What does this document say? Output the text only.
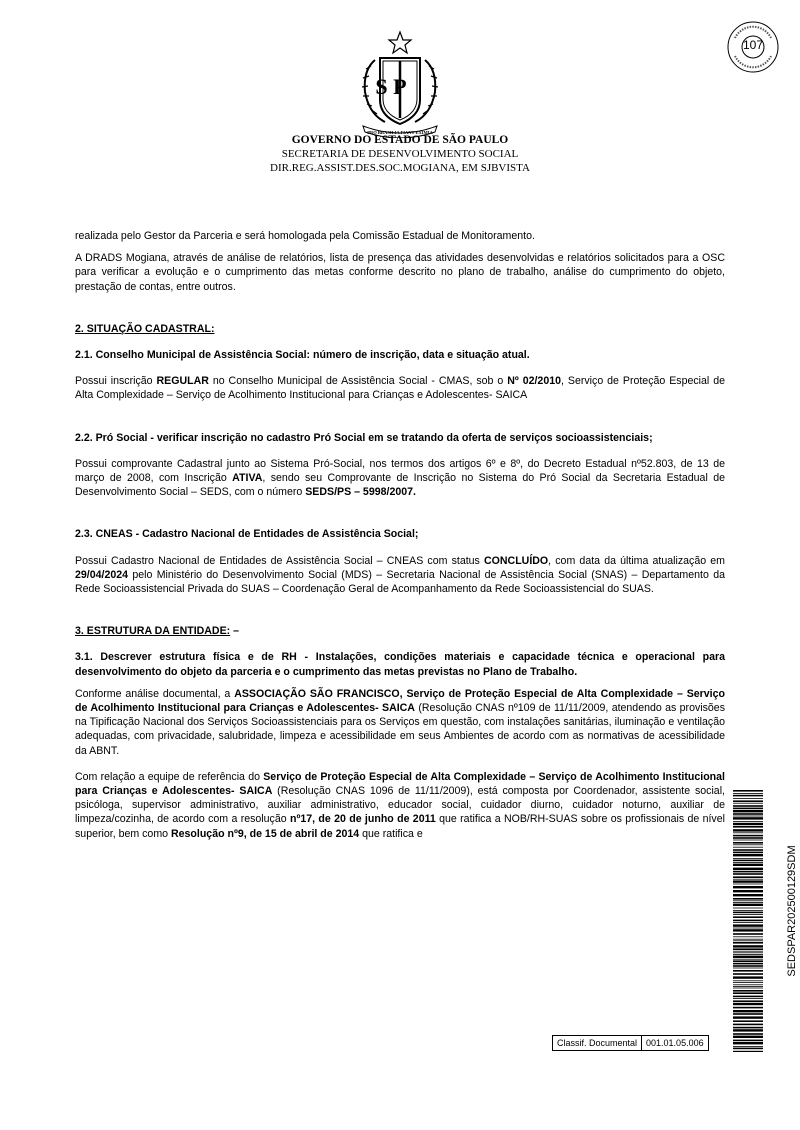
S P
PRO BRASILIA FIANT EXIMIA
GOVERNO DO ESTADO DE SÃO PAULO
SECRETARIA DE DESENVOLVIMENTO SOCIAL
DIR.REG.ASSIST.DES.SOC.MOGIANA, EM SJBVISTA
107

realizada pelo Gestor da Parceria e será homologada pela Comissão Estadual de Monitoramento.

A DRADS Mogiana, através de análise de relatórios, lista de presença das atividades desenvolvidas e relatórios solicitados para a OSC para verificar a evolução e o cumprimento das metas conforme descrito no plano de trabalho, análise do cumprimento do objeto, prestação de contas, entre outros.

2. SITUAÇÃO CADASTRAL:

2.1. Conselho Municipal de Assistência Social: número de inscrição, data e situação atual.

Possui inscrição REGULAR no Conselho Municipal de Assistência Social - CMAS, sob o Nº 02/2010, Serviço de Proteção Especial de Alta Complexidade – Serviço de Acolhimento Institucional para Crianças e Adolescentes- SAICA

2.2. Pró Social - verificar inscrição no cadastro Pró Social em se tratando da oferta de serviços socioassistenciais;

Possui comprovante Cadastral junto ao Sistema Pró-Social, nos termos dos artigos 6º e 8º, do Decreto Estadual nº52.803, de 13 de março de 2008, com Inscrição ATIVA, sendo seu Comprovante de Inscrição no Sistema do Pró Social da Secretaria Estadual de Desenvolvimento Social – SEDS, com o número SEDS/PS – 5998/2007.

2.3. CNEAS - Cadastro Nacional de Entidades de Assistência Social;

Possui Cadastro Nacional de Entidades de Assistência Social – CNEAS com status CONCLUÍDO, com data da última atualização em 29/04/2024 pelo Ministério do Desenvolvimento Social (MDS) – Secretaria Nacional de Assistência Social (SNAS) – Departamento da Rede Socioassistencial Privada do SUAS – Coordenação Geral de Acompanhamento da Rede Socioassistencial do SUAS.

3. ESTRUTURA DA ENTIDADE: –

3.1. Descrever estrutura física e de RH - Instalações, condições materiais e capacidade técnica e operacional para desenvolvimento do objeto da parceria e o cumprimento das metas previstas no Plano de Trabalho.

Conforme análise documental, a ASSOCIAÇÃO SÃO FRANCISCO, Serviço de Proteção Especial de Alta Complexidade – Serviço de Acolhimento Institucional para Crianças e Adolescentes- SAICA (Resolução CNAS nº109 de 11/11/2009, atendendo as provisões na Tipificação Nacional dos Serviços Socioassistenciais para os Serviços em questão, com instalações sanitárias, iluminação e ventilação adequadas, com privacidade, salubridade, limpeza e acessibilidade em seus Ambientes de acordo com as normativas de acessibilidade da ABNT.

Com relação a equipe de referência do Serviço de Proteção Especial de Alta Complexidade – Serviço de Acolhimento Institucional para Crianças e Adolescentes- SAICA (Resolução CNAS 1096 de 11/11/2009), está composta por Coordenador, assistente social, psicóloga, supervisor administrativo, auxiliar administrativo, educador social, cuidador diurno, cuidador noturno, auxiliar de limpeza/cozinha, de acordo com a resolução nº17, de 20 de junho de 2011 que ratifica a NOB/RH-SUAS sobre os profissionais de nível superior, bem como Resolução nº9, de 15 de abril de 2014 que ratifica e

SEDSPAR202500129SDM
Classif. Documental	001.01.05.006
